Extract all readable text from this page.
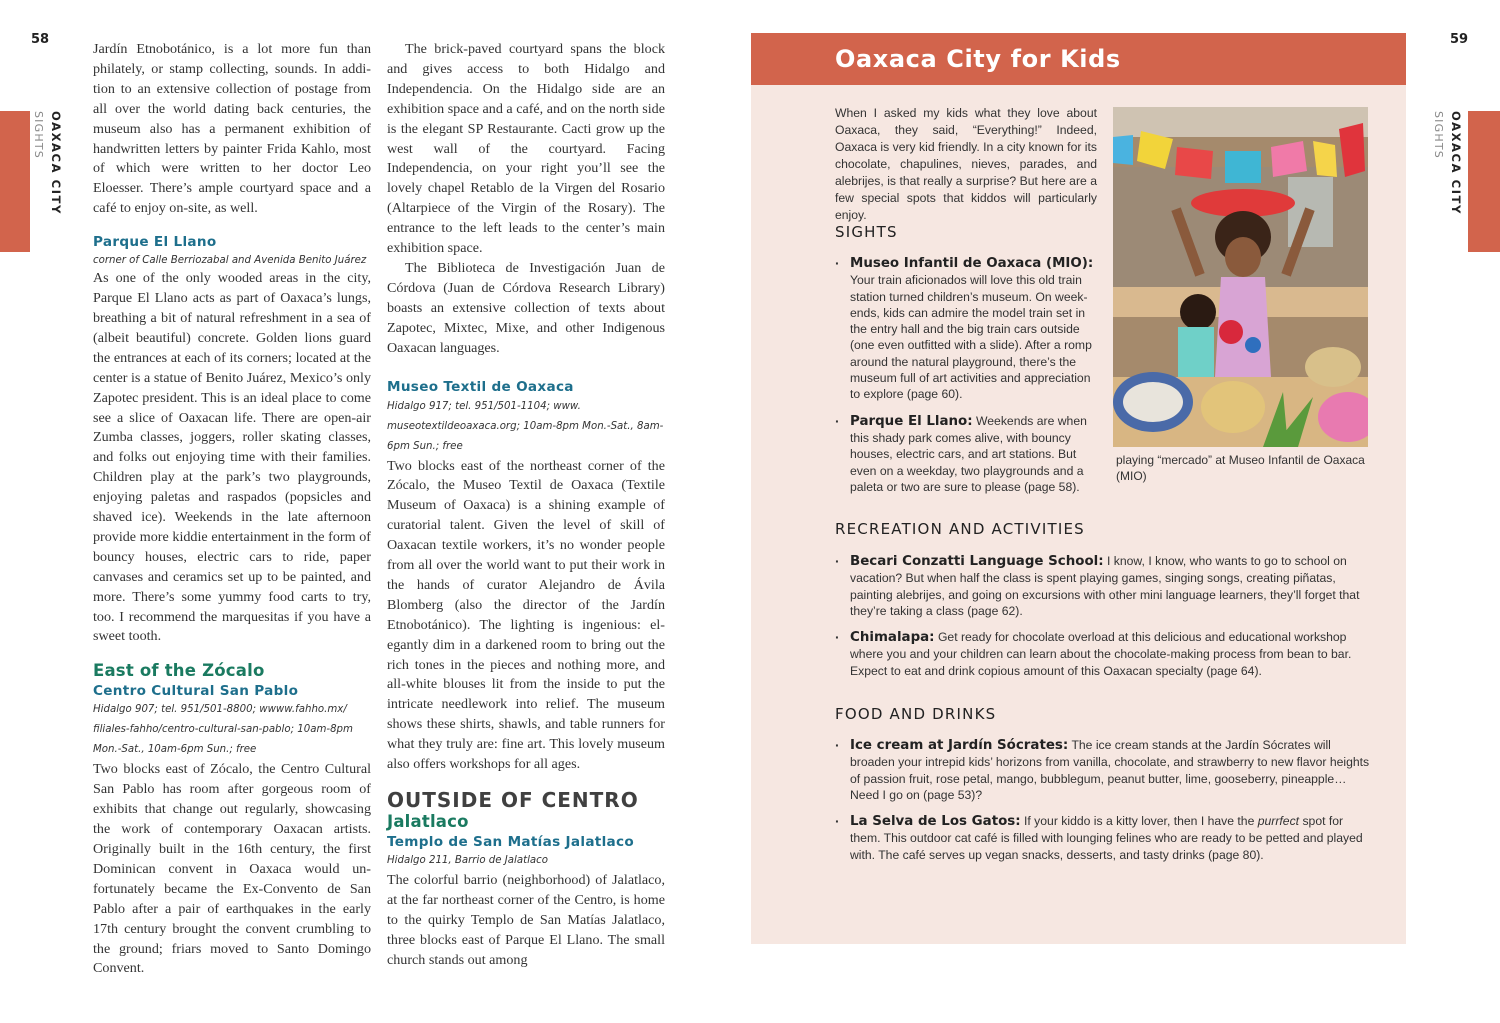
58
SIGHTS OAXACA CITY

Jardín Etnobotánico, is a lot more fun than philately, or stamp collecting, sounds. In addition to an extensive collection of postage from all over the world dating back centuries, the museum also has a permanent exhibition of handwritten letters by painter Frida Kahlo, most of which were written to her doctor Leo Eloesser. There’s ample courtyard space and a café to enjoy on-site, as well.

Parque El Llano

corner of Calle Berriozabal and Avenida Benito Juárez

As one of the only wooded areas in the city, Parque El Llano acts as part of Oaxaca’s lungs, breathing a bit of natural refreshment in a sea of (albeit beautiful) concrete. Golden lions guard the entrances at each of its corners; located at the center is a statue of Benito Juárez, Mexico’s only Zapotec president. This is an ideal place to come see a slice of Oaxacan life. There are open-air Zumba classes, joggers, roller skating classes, and folks out enjoying time with their families. Children play at the park’s two playgrounds, enjoying paletas and raspados (popsicles and shaved ice). Weekends in the late afternoon provide more kiddie entertainment in the form of bouncy houses, electric cars to ride, paper canvases and ceramics set up to be painted, and more. There’s some yummy food carts to try, too. I recommend the marquesitas if you have a sweet tooth.

East of the Zócalo
Centro Cultural San Pablo

Hidalgo 907; tel. 951/501-8800; wwww.fahho.mx/ filiales-fahho/centro-cultural-san-pablo; 10am-8pm Mon.-Sat., 10am-6pm Sun.; free

Two blocks east of Zócalo, the Centro Cultural San Pablo has room after gorgeous room of exhibits that change out regularly, showcasing the work of contemporary Oaxacan artists. Originally built in the 16th century, the first Dominican convent in Oaxaca would unfortunately became the Ex-Convento de San Pablo after a pair of earthquakes in the early 17th century brought the convent crumbling to the ground; friars moved to Santo Domingo Convent.

The brick-paved courtyard spans the block and gives access to both Hidalgo and Independencia. On the Hidalgo side are an exhibition space and a café, and on the north side is the elegant SP Restaurante. Cacti grow up the west wall of the courtyard. Facing Independencia, on your right you’ll see the lovely chapel Retablo de la Virgen del Rosario (Altarpiece of the Virgin of the Rosary). The entrance to the left leads to the center’s main exhibition space.

The Biblioteca de Investigación Juan de Córdova (Juan de Córdova Research Library) boasts an extensive collection of texts about Zapotec, Mixtec, Mixe, and other Indigenous Oaxacan languages.

Museo Textil de Oaxaca

Hidalgo 917; tel. 951/501-1104; www. museotextildeoaxaca.org; 10am-8pm Mon.-Sat., 8am-6pm Sun.; free

Two blocks east of the northeast corner of the Zócalo, the Museo Textil de Oaxaca (Textile Museum of Oaxaca) is a shining example of curatorial talent. Given the level of skill of Oaxacan textile workers, it’s no wonder people from all over the world want to put their work in the hands of curator Alejandro de Ávila Blomberg (also the director of the Jardín Etnobotánico). The lighting is ingenious: elegantly dim in a darkened room to bring out the rich tones in the pieces and nothing more, and all-white blouses lit from the inside to put the intricate needlework into relief. The museum shows these shirts, shawls, and table runners for what they truly are: fine art. This lovely museum also offers workshops for all ages.

OUTSIDE OF CENTRO
Jalatlaco
Templo de San Matías Jalatlaco

Hidalgo 211, Barrio de Jalatlaco

The colorful barrio (neighborhood) of Jalatlaco, at the far northeast corner of the Centro, is home to the quirky Templo de San Matías Jalatlaco, three blocks east of Parque El Llano. The small church stands out among

59
SIGHTS OAXACA CITY
Oaxaca City for Kids

When I asked my kids what they love about Oaxaca, they said, “Everything!” Indeed, Oaxaca is very kid friendly. In a city known for its chocolate, chapulines, nieves, parades, and alebrijes, is that really a surprise? But here are a few special spots that kiddos will particularly enjoy.

playing “mercado” at Museo Infantil de Oaxaca (MIO)

SIGHTS
· Museo Infantil de Oaxaca (MIO): Your train aficionados will love this old train station turned children’s museum. On weekends, kids can admire the model train set in the entry hall and the big train cars outside (one even outfitted with a slide). After a romp around the natural playground, there’s the museum full of art activities and appreciation to explore (page 60).
· Parque El Llano: Weekends are when this shady park comes alive, with bouncy houses, electric cars, and art stations. But even on a weekday, two playgrounds and a paleta or two are sure to please (page 58).
RECREATION AND ACTIVITIES
· Becari Conzatti Language School: I know, I know, who wants to go to school on vacation? But when half the class is spent playing games, singing songs, creating piñatas, painting alebrijes, and going on excursions with other mini language learners, they’ll forget that they’re taking a class (page 62).
· Chimalapa: Get ready for chocolate overload at this delicious and educational workshop where you and your children can learn about the chocolate-making process from bean to bar. Expect to eat and drink copious amount of this Oaxacan specialty (page 64).
FOOD AND DRINKS
· Ice cream at Jardín Sócrates: The ice cream stands at the Jardín Sócrates will broaden your intrepid kids’ horizons from vanilla, chocolate, and strawberry to new flavor heights of passion fruit, rose petal, mango, bubblegum, peanut butter, lime, gooseberry, pineapple… Need I go on (page 53)?
· La Selva de Los Gatos: If your kiddo is a kitty lover, then I have the purrfect spot for them. This outdoor cat café is filled with lounging felines who are ready to be petted and played with. The café serves up vegan snacks, desserts, and tasty drinks (page 80).
